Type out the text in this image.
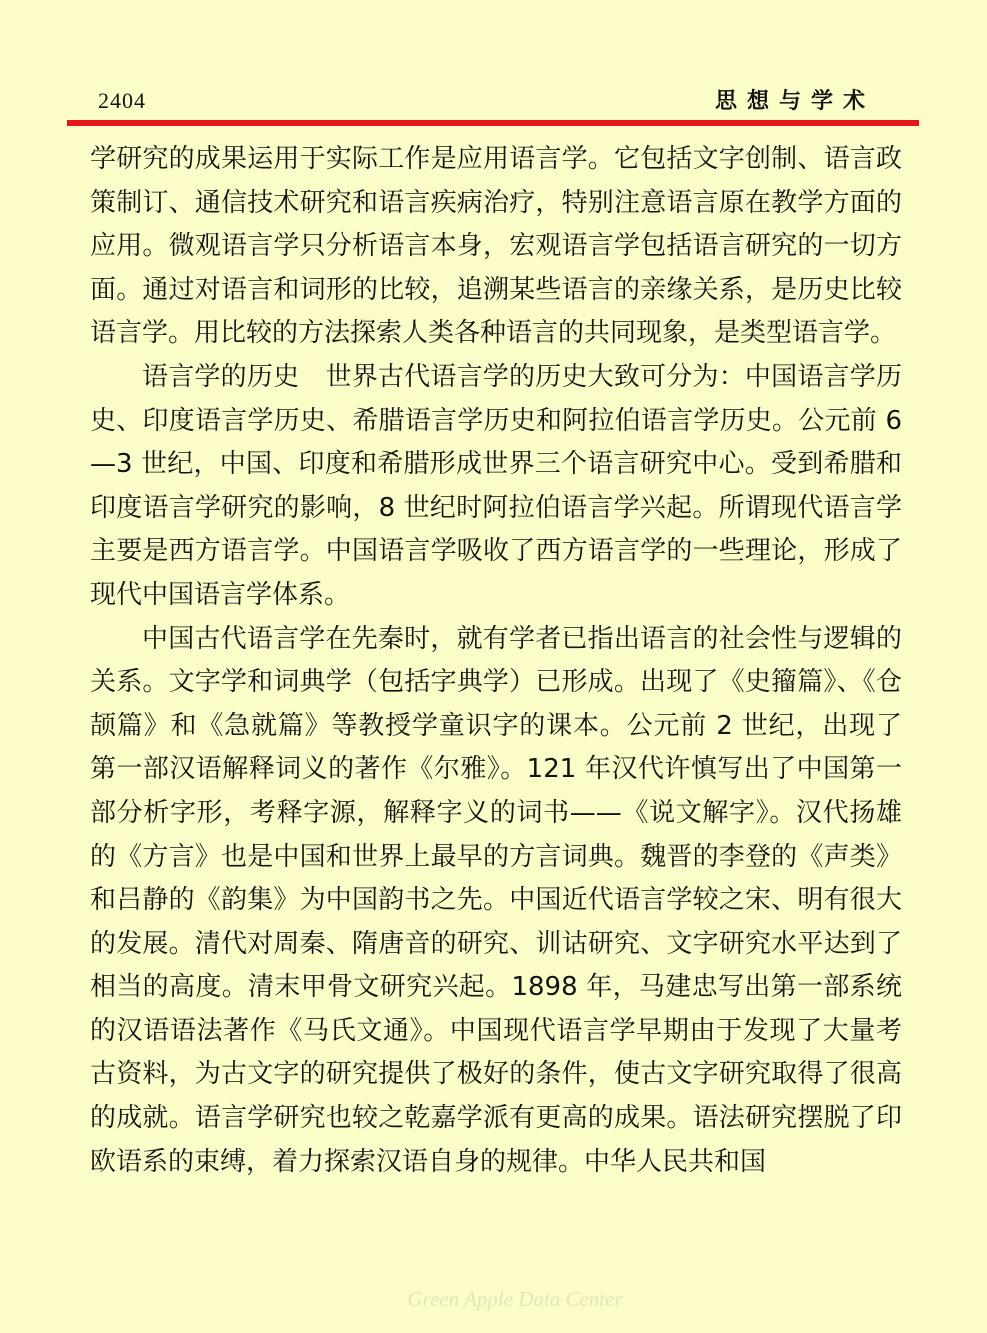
2404	思想与学术

学研究的成果运用于实际工作是应用语言学。它包括文字创制、语言政策制订、通信技术研究和语言疾病治疗，特别注意语言原在教学方面的应用。微观语言学只分析语言本身，宏观语言学包括语言研究的一切方面。通过对语言和词形的比较，追溯某些语言的亲缘关系，是历史比较语言学。用比较的方法探索人类各种语言的共同现象，是类型语言学。

语言学的历史　世界古代语言学的历史大致可分为：中国语言学历史、印度语言学历史、希腊语言学历史和阿拉伯语言学历史。公元前 6—3 世纪，中国、印度和希腊形成世界三个语言研究中心。受到希腊和印度语言学研究的影响，8 世纪时阿拉伯语言学兴起。所谓现代语言学主要是西方语言学。中国语言学吸收了西方语言学的一些理论，形成了现代中国语言学体系。

中国古代语言学在先秦时，就有学者已指出语言的社会性与逻辑的关系。文字学和词典学（包括字典学）已形成。出现了《史籀篇》、《仓颉篇》和《急就篇》等教授学童识字的课本。公元前 2 世纪，出现了第一部汉语解释词义的著作《尔雅》。121 年汉代许慎写出了中国第一部分析字形，考释字源，解释字义的词书——《说文解字》。汉代扬雄的《方言》也是中国和世界上最早的方言词典。魏晋的李登的《声类》和吕静的《韵集》为中国韵书之先。中国近代语言学较之宋、明有很大的发展。清代对周秦、隋唐音的研究、训诂研究、文字研究水平达到了相当的高度。清末甲骨文研究兴起。1898 年，马建忠写出第一部系统的汉语语法著作《马氏文通》。中国现代语言学早期由于发现了大量考古资料，为古文字的研究提供了极好的条件，使古文字研究取得了很高的成就。语言学研究也较之乾嘉学派有更高的成果。语法研究摆脱了印欧语系的束缚，着力探索汉语自身的规律。中华人民共和国

Green Apple Data Center
